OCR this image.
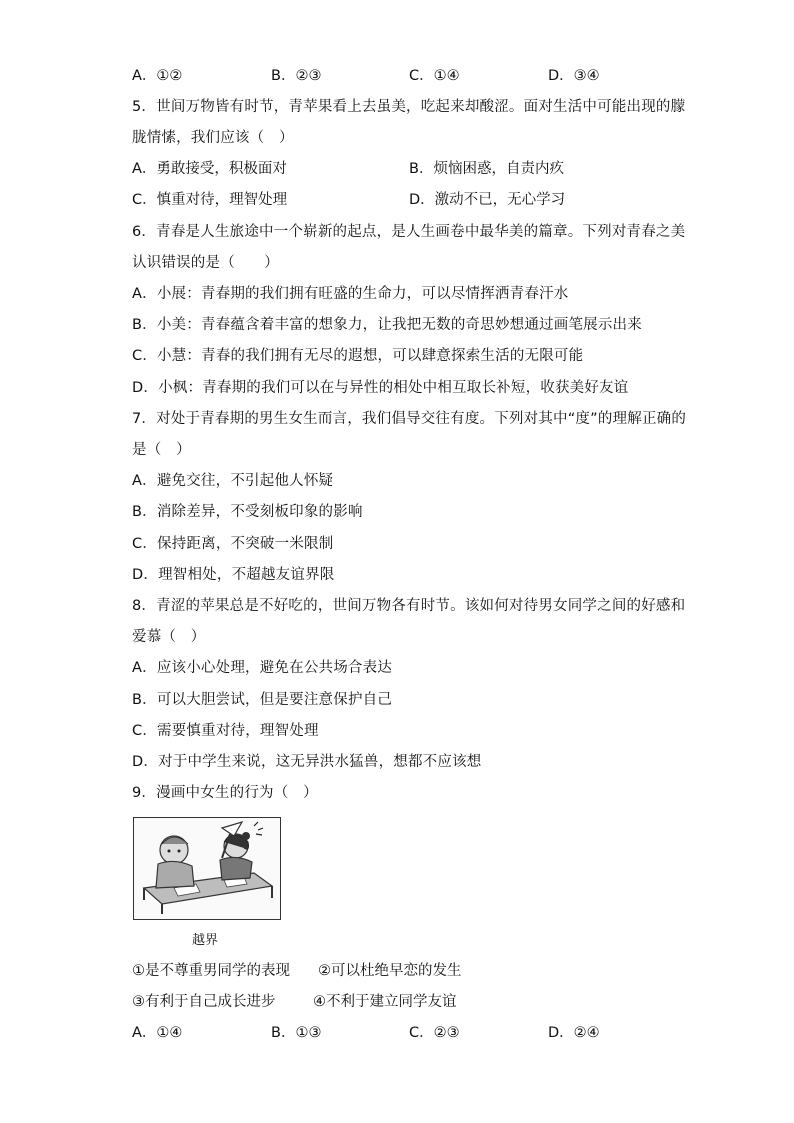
A．①②	B．②③	C．①④	D．③④
5．世间万物皆有时节，青苹果看上去虽美，吃起来却酸涩。面对生活中可能出现的朦
胧情愫，我们应该（　）
A．勇敢接受，积极面对	B．烦恼困惑，自责内疚
C．慎重对待，理智处理	D．激动不已，无心学习
6．青春是人生旅途中一个崭新的起点，是人生画卷中最华美的篇章。下列对青春之美
认识错误的是（　　）
A．小展：青春期的我们拥有旺盛的生命力，可以尽情挥洒青春汗水
B．小美：青春蕴含着丰富的想象力，让我把无数的奇思妙想通过画笔展示出来
C．小慧：青春的我们拥有无尽的遐想，可以肆意探索生活的无限可能
D．小枫：青春期的我们可以在与异性的相处中相互取长补短，收获美好友谊
7．对处于青春期的男生女生而言，我们倡导交往有度。下列对其中“度”的理解正确的
是（　）
A．避免交往，不引起他人怀疑
B．消除差异，不受刻板印象的影响
C．保持距离，不突破一米限制
D．理智相处，不超越友谊界限
8．青涩的苹果总是不好吃的，世间万物各有时节。该如何对待男女同学之间的好感和
爱慕（　）
A．应该小心处理，避免在公共场合表达
B．可以大胆尝试，但是要注意保护自己
C．需要慎重对待，理智处理
D．对于中学生来说，这无异洪水猛兽，想都不应该想
9．漫画中女生的行为（　）
越界
①是不尊重男同学的表现 ②可以杜绝早恋的发生
③有利于自己成长进步	④不利于建立同学友谊
A．①④	B．①③	C．②③	D．②④
